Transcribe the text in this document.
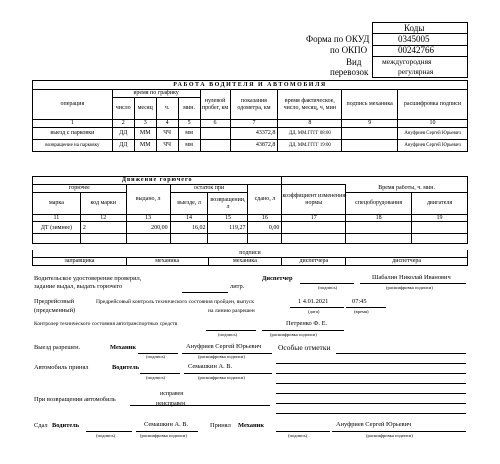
Коды
Форма по ОКУД	0345005
по ОКПО	00242766
Вид
перевозок
междугородняя
регулярная
РАБОТА ВОДИТЕЛЯ И АВТОМОБИЛЯ									
операция	время по графику				нулевой пробег, км	показания одометра, км	время фактическое, число, месяц, ч, мин	подпись механика	расшифровка подписи
	число	месяц	ч.	мин.					
1	2	3	4	5	6	7	8	9	10
выезд с парковки	ДД	ММ	ЧЧ	мм		43372,8	ДД. ММ.ГГГГ 08:00		Ануфриев Сергей Юрьевич
возвращение на парковку	ДД	ММ	ЧЧ	мм		43872,8	ДД. ММ.ГГГГ 19:00		Ануфриев Сергей Юрьевич
Движение горючего								
горючее		выдано, л	остаток при		сдано, л	коэффициент изменения нормы	Время работы, ч. мин.	
марка	код марки		выезде, л	возвращении, л			спецоборудования	двигателя
11	12	13	14	15	16	17	18	19
ДТ (зимнее)	2	200,00	16,02	119,27	0,00			

подписи
заправщика	механика	механика	диспетчера	диспетчера
Водительское удостоверение проверил,
задание выдал, выдать горючего	литр.
Диспетчер	Шабалин Николай Иванович
(подпись)	(расшифровка подписи)
Предрейсовый
(предсменный)
Предрейсовый контроль технического состояния пройден, выпуск
на линию разрешен
1 4.01.2021	07:45
(дата)	(время)
Контролер технического состояния автотранспортных средств	Петренко Ф. Е.
(подпись)	(расшифровка подписи)
Выезд разрешен.	Механик	Ануфриев Сергей Юрьевич
(подпись)	(расшифровка подписи)
Особые отметки
Автомобиль принял	Водитель	Семашкин А. В.
(подпись)	(расшифровка подписи)
При возвращении автомобиль
исправен
неисправен
Сдал Водитель	Семашкин А. В.
(подпись)	(расшифровка подписи)
Принял Механик	Ануфриев Сергей Юрьевич
(подпись)	(расшифровка подписи)
